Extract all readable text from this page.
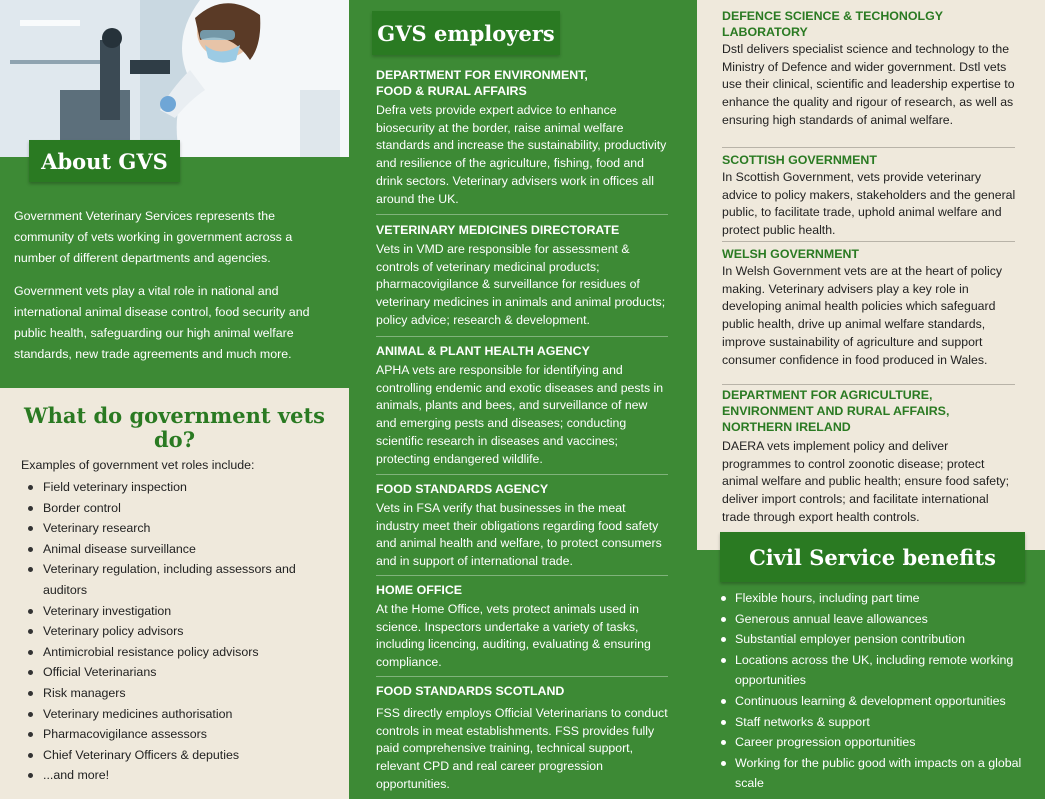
About GVS

Government Veterinary Services represents the community of vets working in government across a number of different departments and agencies.

Government vets play a vital role in national and international animal disease control, food security and public health, safeguarding our high animal welfare standards, new trade agreements and much more.

What do government vets do?
Examples of government vet roles include:
Field veterinary inspection
Border control
Veterinary research
Animal disease surveillance
Veterinary regulation, including assessors and auditors
Veterinary investigation
Veterinary policy advisors
Antimicrobial resistance policy advisors
Official Veterinarians
Risk managers
Veterinary medicines authorisation
Pharmacovigilance assessors
Chief Veterinary Officers & deputies
...and more!
GVS employers
DEPARTMENT FOR ENVIRONMENT, FOOD & RURAL AFFAIRS

Defra vets provide expert advice to enhance biosecurity at the border, raise animal welfare standards and increase the sustainability, productivity and resilience of the agriculture, fishing, food and drink sectors. Veterinary advisers work in offices all around the UK.

VETERINARY MEDICINES DIRECTORATE

Vets in VMD are responsible for assessment & controls of veterinary medicinal products; pharmacovigilance & surveillance for residues of veterinary medicines in animals and animal products; policy advice; research & development.

ANIMAL & PLANT HEALTH AGENCY

APHA vets are responsible for identifying and controlling endemic and exotic diseases and pests in animals, plants and bees, and surveillance of new and emerging pests and diseases; conducting scientific research in diseases and vaccines; protecting endangered wildlife.

FOOD STANDARDS AGENCY

Vets in FSA verify that businesses in the meat industry meet their obligations regarding food safety and animal health and welfare, to protect consumers and in support of international trade.

HOME OFFICE

At the Home Office, vets protect animals used in science. Inspectors undertake a variety of tasks, including licencing, auditing, evaluating & ensuring compliance.

FOOD STANDARDS SCOTLAND

FSS directly employs Official Veterinarians to conduct controls in meat establishments. FSS provides fully paid comprehensive training, technical support, relevant CPD and real career progression opportunities.

DEFENCE SCIENCE & TECHONOLGY LABORATORY

Dstl delivers specialist science and technology to the Ministry of Defence and wider government. Dstl vets use their clinical, scientific and leadership expertise to enhance the quality and rigour of research, as well as ensuring high standards of animal welfare.

SCOTTISH GOVERNMENT

In Scottish Government, vets provide veterinary advice to policy makers, stakeholders and the general public, to facilitate trade, uphold animal welfare and protect public health.

WELSH GOVERNMENT

In Welsh Government vets are at the heart of policy making. Veterinary advisers play a key role in developing animal health policies which safeguard public health, drive up animal welfare standards, improve sustainability of agriculture and support consumer confidence in food produced in Wales.

DEPARTMENT FOR AGRICULTURE, ENVIRONMENT AND RURAL AFFAIRS, NORTHERN IRELAND

DAERA vets implement policy and deliver programmes to control zoonotic disease; protect animal welfare and public health; ensure food safety; deliver import controls; and facilitate international trade through export health controls.

Flexible hours, including part time
Generous annual leave allowances
Substantial employer pension contribution
Locations across the UK, including remote working opportunities
Continuous learning & development opportunities
Staff networks & support
Career progression opportunities
Working for the public good with impacts on a global scale
Civil Service benefits
